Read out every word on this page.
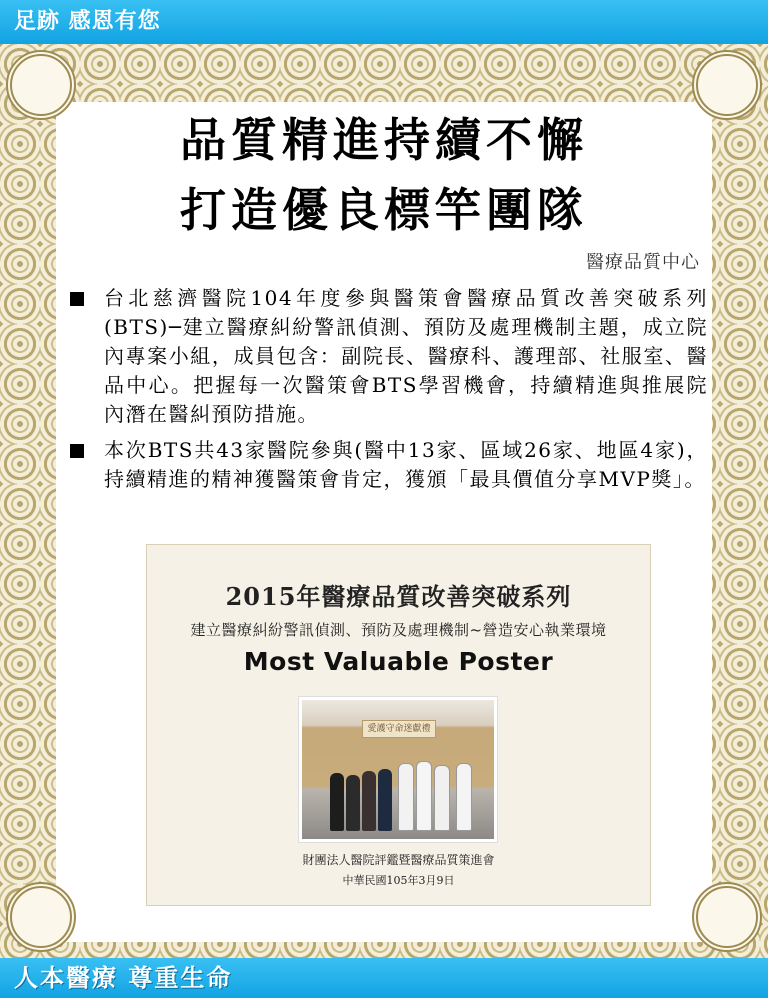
足跡 感恩有您
品質精進持續不懈
打造優良標竿團隊
醫療品質中心
台北慈濟醫院104年度參與醫策會醫療品質改善突破系列(BTS)─建立醫療糾紛警訊偵測、預防及處理機制主題，成立院內專案小組，成員包含：副院長、醫療科、護理部、社服室、醫品中心。把握每一次醫策會BTS學習機會，持續精進與推展院內潛在醫糾預防措施。
本次BTS共43家醫院參與(醫中13家、區域26家、地區4家)，持續精進的精神獲醫策會肯定，獲頒「最具價值分享MVP獎」。
2015年醫療品質改善突破系列
建立醫療糾紛警訊偵測、預防及處理機制~營造安心執業環境
Most Valuable Poster
愛護守命迷獻禮
財團法人醫院評鑑暨醫療品質策進會
中華民國105年3月9日
人本醫療 尊重生命
